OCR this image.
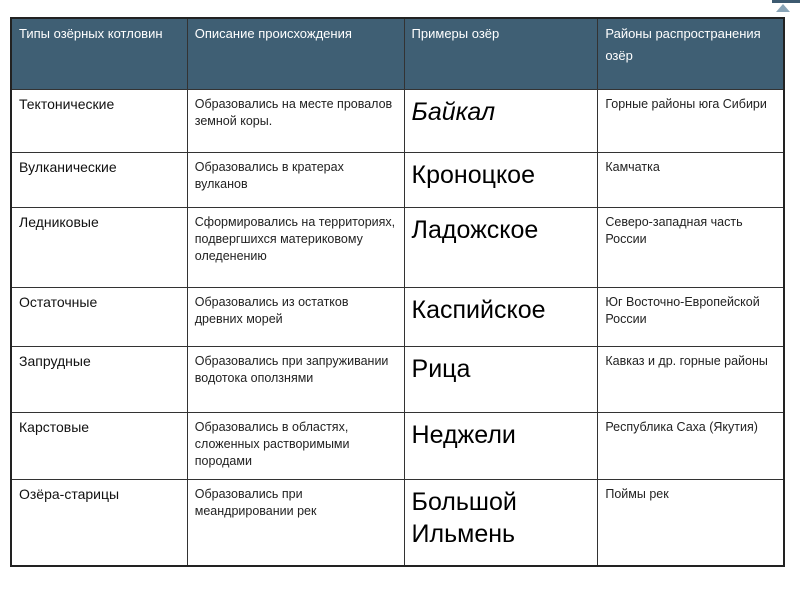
Типы озёрных котловин	Описание происхождения	Примеры озёр	Районы распространения озёр
Тектонические	Образовались на месте провалов земной коры.	Байкал	Горные районы юга Сибири
Вулканические	Образовались в кратерах вулканов	Кроноцкое	Камчатка
Ледниковые	Сформировались на территориях, подвергшихся материковому оледенению	Ладожское	Северо-западная часть России
Остаточные	Образовались из остатков древних морей	Каспийское	Юг Восточно-Европейской России
Запрудные	Образовались при запруживании водотока оползнями	Рица	Кавказ и др. горные районы
Карстовые	Образовались в областях, сложенных растворимыми породами	Неджели	Республика Саха (Якутия)
Озёра-старицы	Образовались при меандрировании рек	Большой Ильмень	Поймы рек
